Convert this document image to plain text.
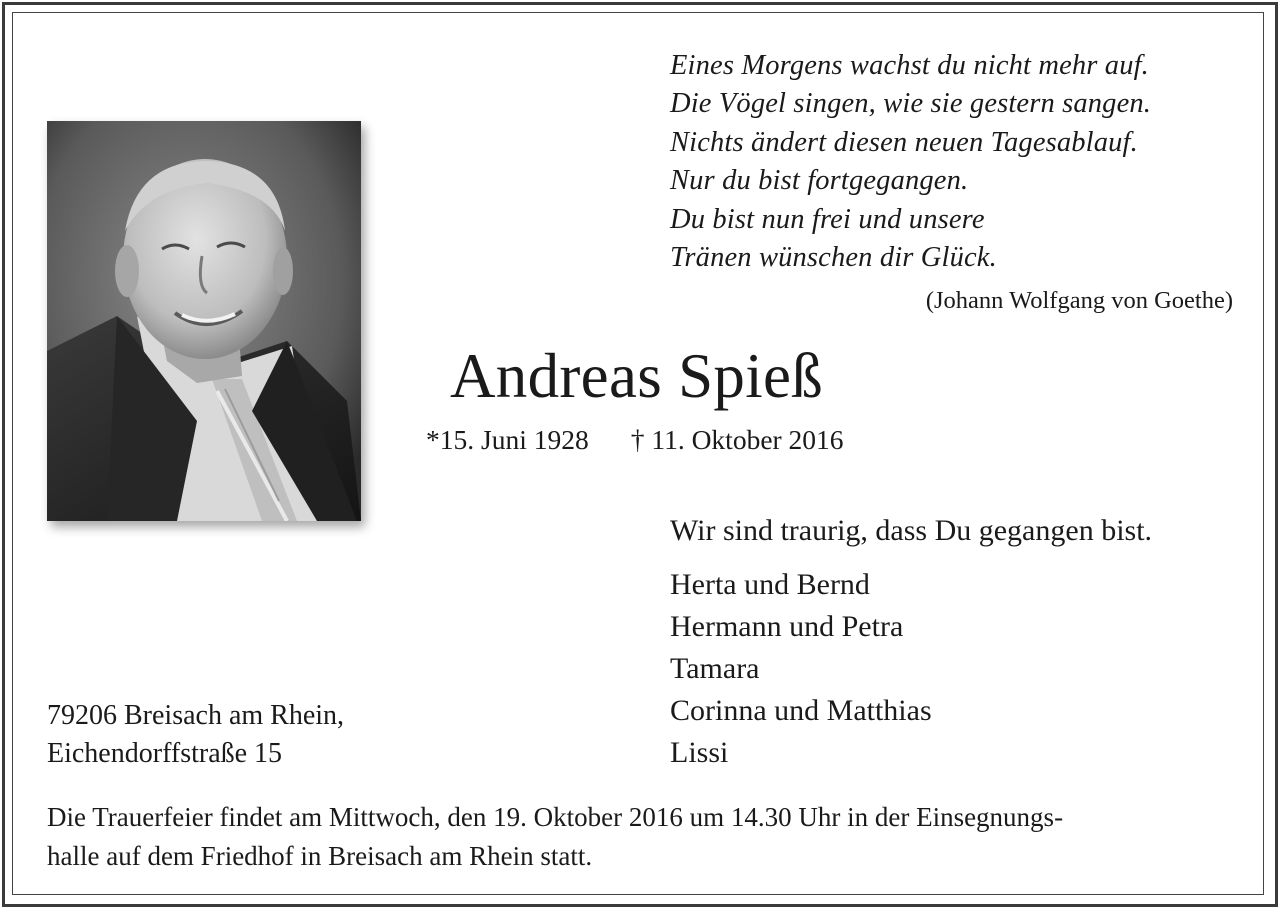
Eines Morgens wachst du nicht mehr auf.
Die Vögel singen, wie sie gestern sangen.
Nichts ändert diesen neuen Tagesablauf.
Nur du bist fortgegangen.
Du bist nun frei und unsere
Tränen wünschen dir Glück.
(Johann Wolfgang von Goethe)
Andreas Spieß
*15. Juni 1928 † 11. Oktober 2016
Wir sind traurig, dass Du gegangen bist.
Herta und Bernd
Hermann und Petra
Tamara
Corinna und Matthias
Lissi
79206 Breisach am Rhein,
Eichendorffstraße 15
Die Trauerfeier findet am Mittwoch, den 19. Oktober 2016 um 14.30 Uhr in der Einsegnungs-
halle auf dem Friedhof in Breisach am Rhein statt.
